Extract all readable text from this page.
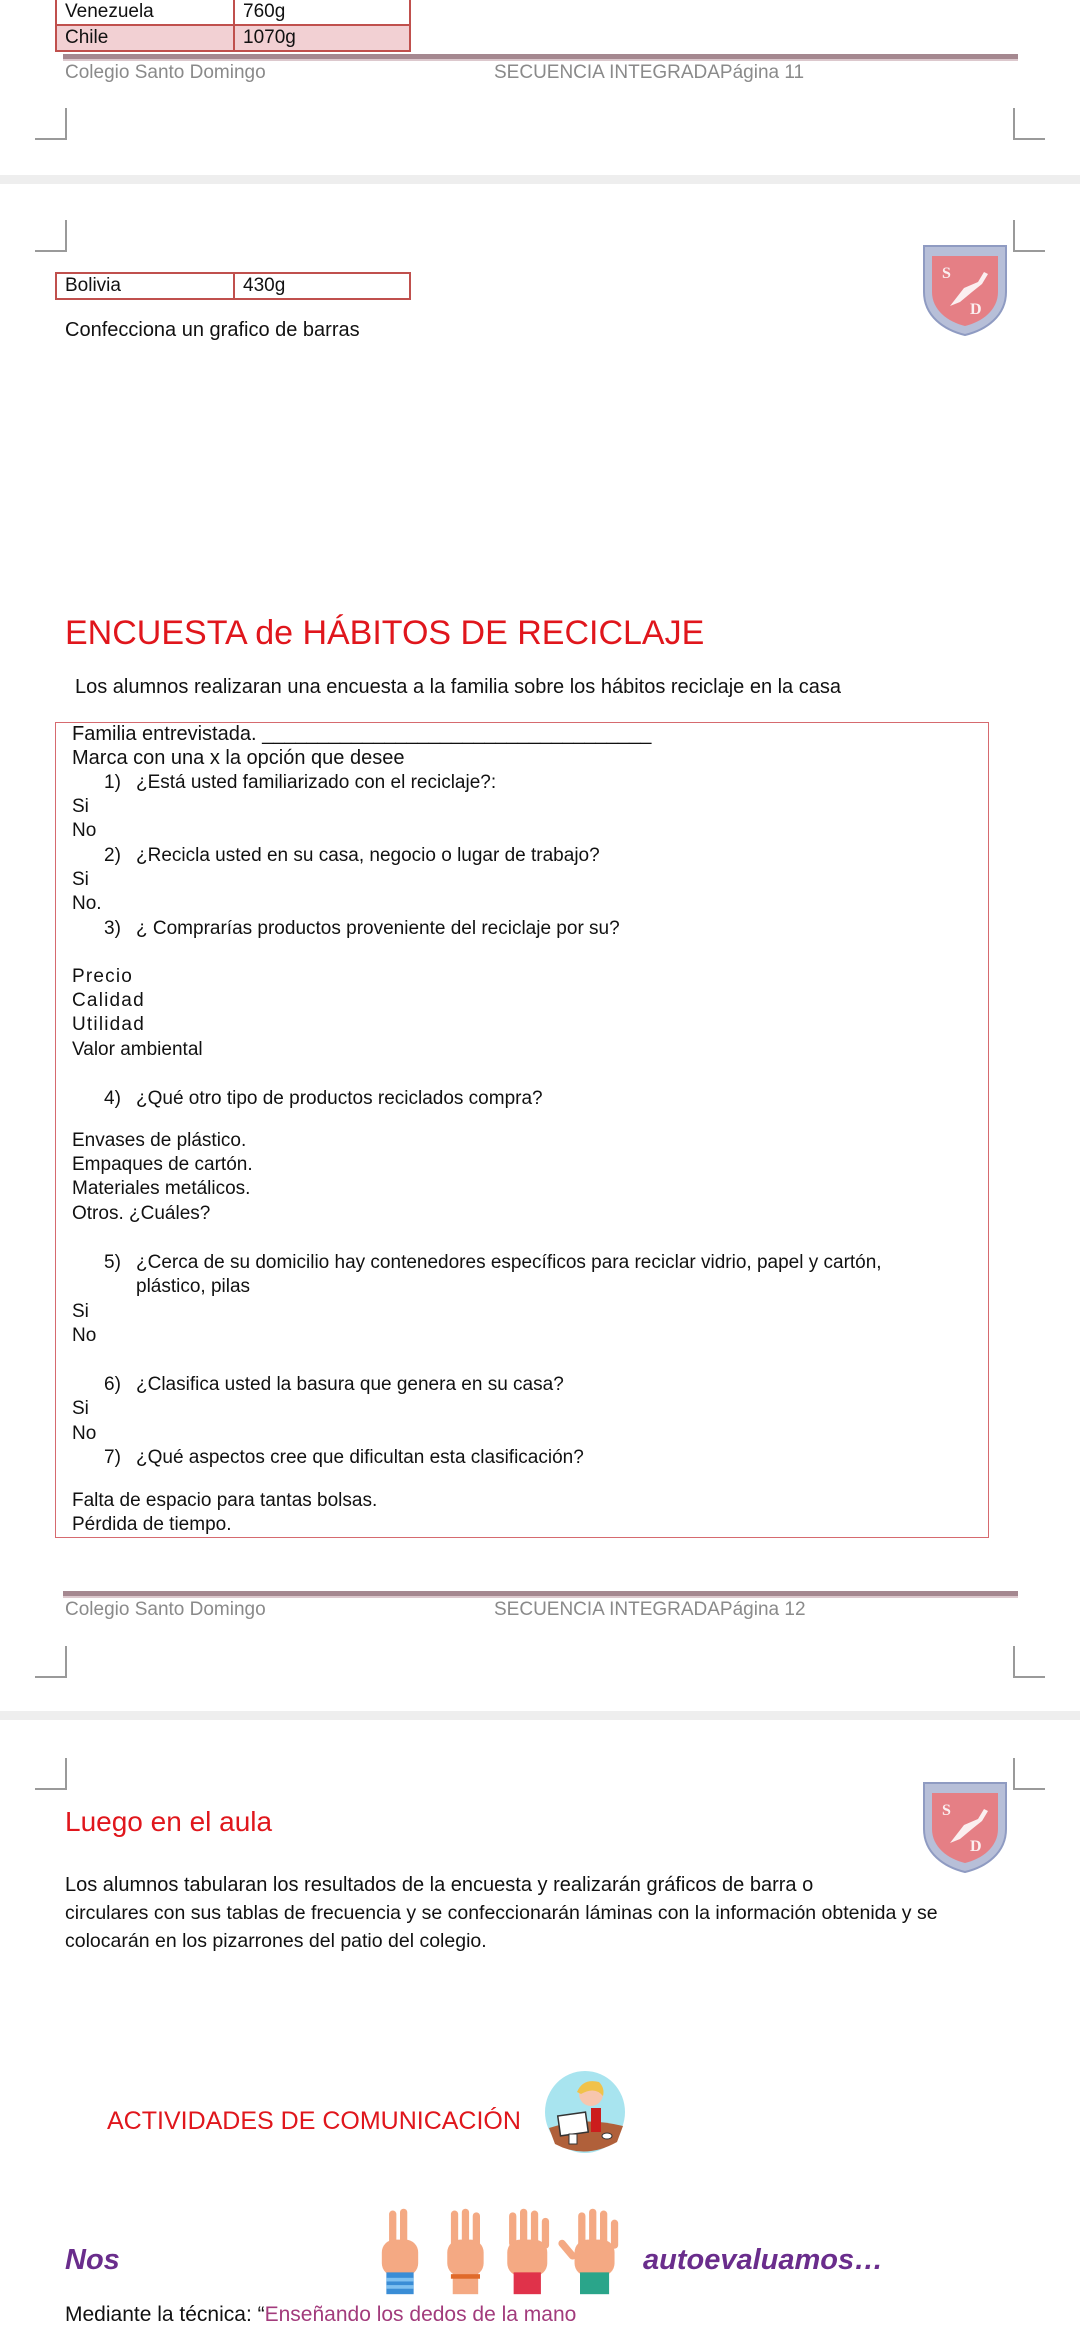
Venezuela	760g
Chile	1070g
Colegio Santo Domingo	SECUENCIA INTEGRADAPágina 11
S
D
Bolivia	430g
Confecciona un grafico de barras
ENCUESTA de HÁBITOS DE RECICLAJE
Los alumnos realizaran una encuesta a la familia sobre los hábitos reciclaje en la casa
Familia entrevistada. ___________________________________
Marca con una x la opción que desee
1) ¿Está usted familiarizado con el reciclaje?:
Si
No
2) ¿Recicla usted en su casa, negocio o lugar de trabajo?
Si
No.
3) ¿ Comprarías productos proveniente del reciclaje por su?
Precio
Calidad
Utilidad
Valor ambiental
4) ¿Qué otro tipo de productos reciclados compra?
Envases de plástico.
Empaques de cartón.
Materiales metálicos.
Otros. ¿Cuáles?
5) ¿Cerca de su domicilio hay contenedores específicos para reciclar vidrio, papel y cartón,
plástico, pilas
Si
No
6) ¿Clasifica usted la basura que genera en su casa?
Si
No
7) ¿Qué aspectos cree que dificultan esta clasificación?
Falta de espacio para tantas bolsas.
Pérdida de tiempo.
Colegio Santo Domingo	SECUENCIA INTEGRADAPágina 12
S
D
Luego en el aula
Los alumnos tabularan los resultados de la encuesta y realizarán gráficos de barra o
circulares con sus tablas de frecuencia y se confeccionarán láminas con la información obtenida y se
colocarán en los pizarrones del patio del colegio.
ACTIVIDADES DE COMUNICACIÓN
Nos	autoevaluamos…
Mediante la técnica: “Enseñando los dedos de la mano
